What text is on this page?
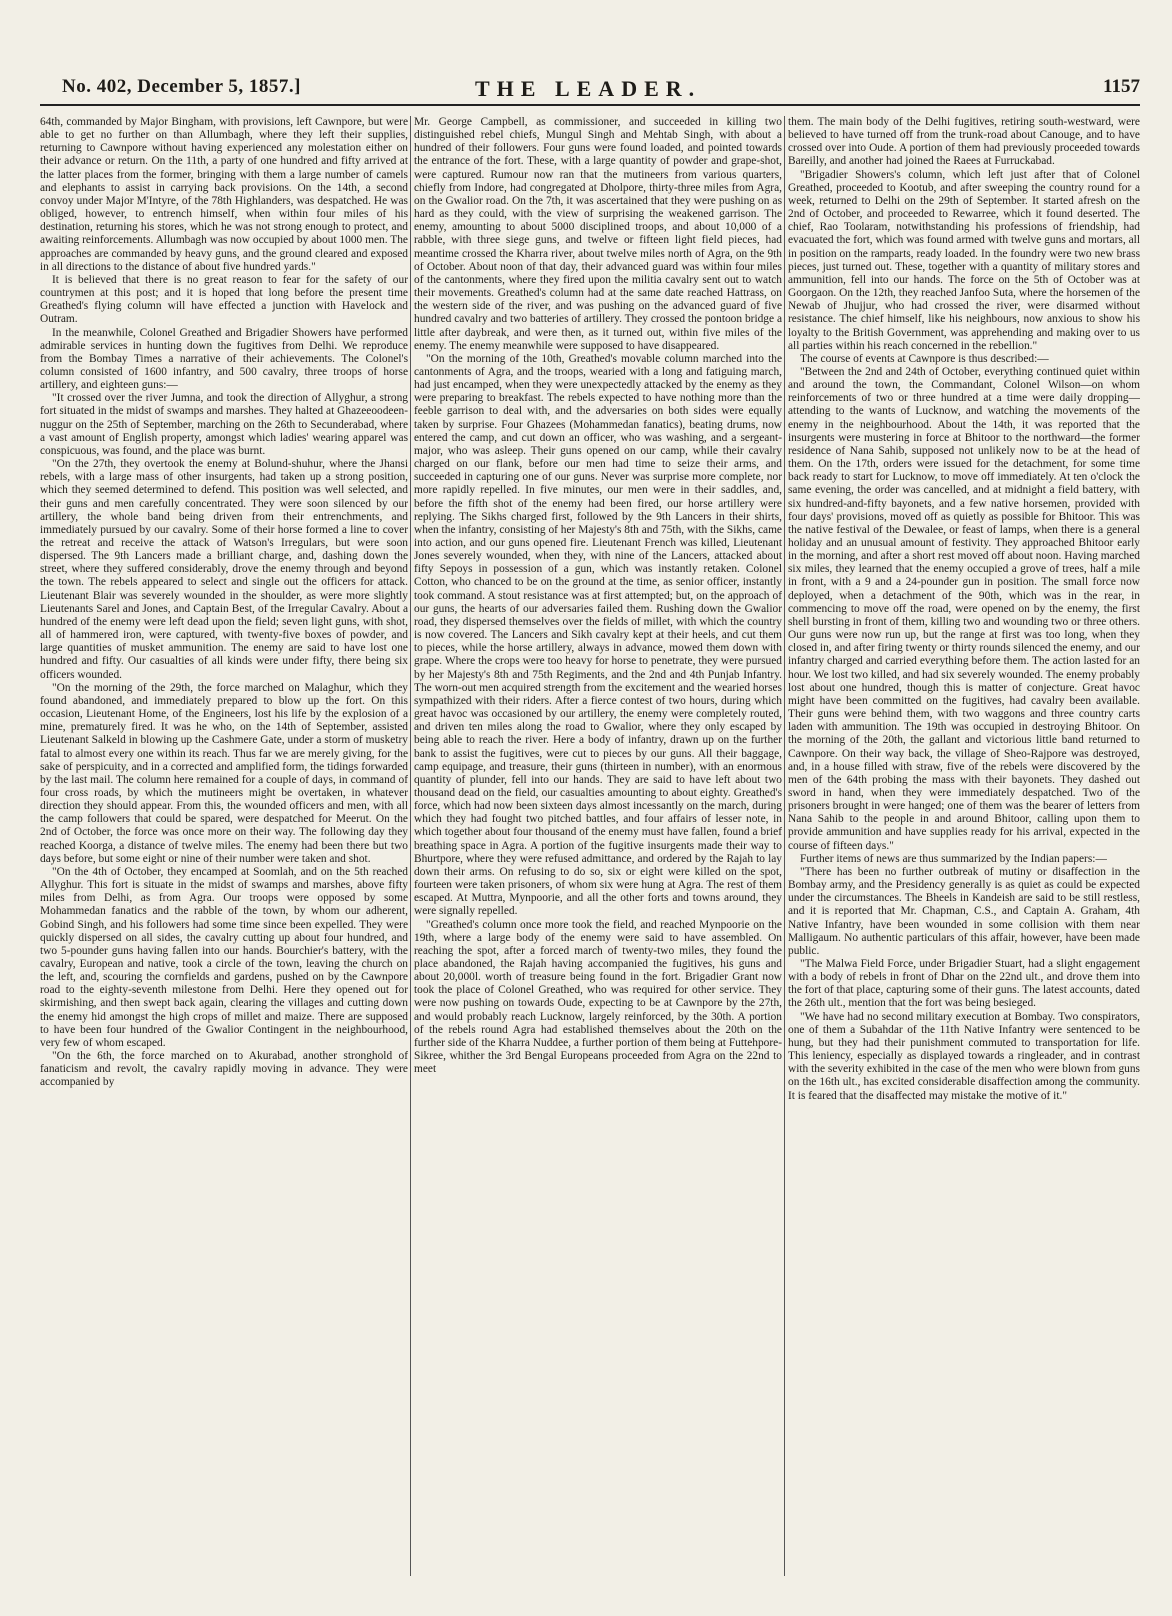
No. 402, December 5, 1857.]	THE LEADER.	1157

64th, commanded by Major Bingham, with provisions, left Cawnpore, but were able to get no further on than Allumbagh, where they left their supplies, returning to Cawnpore without having experienced any molestation either on their advance or return. On the 11th, a party of one hundred and fifty arrived at the latter places from the former, bringing with them a large number of camels and elephants to assist in carrying back provisions. On the 14th, a second convoy under Major M'Intyre, of the 78th Highlanders, was despatched. He was obliged, however, to entrench himself, when within four miles of his destination, returning his stores, which he was not strong enough to protect, and awaiting reinforcements. Allumbagh was now occupied by about 1000 men. The approaches are commanded by heavy guns, and the ground cleared and exposed in all directions to the distance of about five hundred yards."

It is believed that there is no great reason to fear for the safety of our countrymen at this post; and it is hoped that long before the present time Greathed's flying column will have effected a junction with Havelock and Outram.

In the meanwhile, Colonel Greathed and Brigadier Showers have performed admirable services in hunting down the fugitives from Delhi. We reproduce from the Bombay Times a narrative of their achievements. The Colonel's column consisted of 1600 infantry, and 500 cavalry, three troops of horse artillery, and eighteen guns:—

"It crossed over the river Jumna, and took the direction of Allyghur, a strong fort situated in the midst of swamps and marshes. They halted at Ghazeeoodeen-nuggur on the 25th of September, marching on the 26th to Secunderabad, where a vast amount of English property, amongst which ladies' wearing apparel was conspicuous, was found, and the place was burnt.

"On the 27th, they overtook the enemy at Bolund-shuhur, where the Jhansi rebels, with a large mass of other insurgents, had taken up a strong position, which they seemed determined to defend. This position was well selected, and their guns and men carefully concentrated. They were soon silenced by our artillery, the whole band being driven from their entrenchments, and immediately pursued by our cavalry. Some of their horse formed a line to cover the retreat and receive the attack of Watson's Irregulars, but were soon dispersed. The 9th Lancers made a brilliant charge, and, dashing down the street, where they suffered considerably, drove the enemy through and beyond the town. The rebels appeared to select and single out the officers for attack. Lieutenant Blair was severely wounded in the shoulder, as were more slightly Lieutenants Sarel and Jones, and Captain Best, of the Irregular Cavalry. About a hundred of the enemy were left dead upon the field; seven light guns, with shot, all of hammered iron, were captured, with twenty-five boxes of powder, and large quantities of musket ammunition. The enemy are said to have lost one hundred and fifty. Our casualties of all kinds were under fifty, there being six officers wounded.

"On the morning of the 29th, the force marched on Malaghur, which they found abandoned, and immediately prepared to blow up the fort. On this occasion, Lieutenant Home, of the Engineers, lost his life by the explosion of a mine, prematurely fired. It was he who, on the 14th of September, assisted Lieutenant Salkeld in blowing up the Cashmere Gate, under a storm of musketry fatal to almost every one within its reach. Thus far we are merely giving, for the sake of perspicuity, and in a corrected and amplified form, the tidings forwarded by the last mail. The column here remained for a couple of days, in command of four cross roads, by which the mutineers might be overtaken, in whatever direction they should appear. From this, the wounded officers and men, with all the camp followers that could be spared, were despatched for Meerut. On the 2nd of October, the force was once more on their way. The following day they reached Koorga, a distance of twelve miles. The enemy had been there but two days before, but some eight or nine of their number were taken and shot.

"On the 4th of October, they encamped at Soomlah, and on the 5th reached Allyghur. This fort is situate in the midst of swamps and marshes, above fifty miles from Delhi, as from Agra. Our troops were opposed by some Mohammedan fanatics and the rabble of the town, by whom our adherent, Gobind Singh, and his followers had some time since been expelled. They were quickly dispersed on all sides, the cavalry cutting up about four hundred, and two 5-pounder guns having fallen into our hands. Bourchier's battery, with the cavalry, European and native, took a circle of the town, leaving the church on the left, and, scouring the cornfields and gardens, pushed on by the Cawnpore road to the eighty-seventh milestone from Delhi. Here they opened out for skirmishing, and then swept back again, clearing the villages and cutting down the enemy hid amongst the high crops of millet and maize. There are supposed to have been four hundred of the Gwalior Contingent in the neighbourhood, very few of whom escaped.

"On the 6th, the force marched on to Akurabad, another stronghold of fanaticism and revolt, the cavalry rapidly moving in advance. They were accompanied by

Mr. George Campbell, as commissioner, and succeeded in killing two distinguished rebel chiefs, Mungul Singh and Mehtab Singh, with about a hundred of their followers. Four guns were found loaded, and pointed towards the entrance of the fort. These, with a large quantity of powder and grape-shot, were captured. Rumour now ran that the mutineers from various quarters, chiefly from Indore, had congregated at Dholpore, thirty-three miles from Agra, on the Gwalior road. On the 7th, it was ascertained that they were pushing on as hard as they could, with the view of surprising the weakened garrison. The enemy, amounting to about 5000 disciplined troops, and about 10,000 of a rabble, with three siege guns, and twelve or fifteen light field pieces, had meantime crossed the Kharra river, about twelve miles north of Agra, on the 9th of October. About noon of that day, their advanced guard was within four miles of the cantonments, where they fired upon the militia cavalry sent out to watch their movements. Greathed's column had at the same date reached Hattrass, on the western side of the river, and was pushing on the advanced guard of five hundred cavalry and two batteries of artillery. They crossed the pontoon bridge a little after daybreak, and were then, as it turned out, within five miles of the enemy. The enemy meanwhile were supposed to have disappeared.

"On the morning of the 10th, Greathed's movable column marched into the cantonments of Agra, and the troops, wearied with a long and fatiguing march, had just encamped, when they were unexpectedly attacked by the enemy as they were preparing to breakfast. The rebels expected to have nothing more than the feeble garrison to deal with, and the adversaries on both sides were equally taken by surprise. Four Ghazees (Mohammedan fanatics), beating drums, now entered the camp, and cut down an officer, who was washing, and a sergeant-major, who was asleep. Their guns opened on our camp, while their cavalry charged on our flank, before our men had time to seize their arms, and succeeded in capturing one of our guns. Never was surprise more complete, nor more rapidly repelled. In five minutes, our men were in their saddles, and, before the fifth shot of the enemy had been fired, our horse artillery were replying. The Sikhs charged first, followed by the 9th Lancers in their shirts, when the infantry, consisting of her Majesty's 8th and 75th, with the Sikhs, came into action, and our guns opened fire. Lieutenant French was killed, Lieutenant Jones severely wounded, when they, with nine of the Lancers, attacked about fifty Sepoys in possession of a gun, which was instantly retaken. Colonel Cotton, who chanced to be on the ground at the time, as senior officer, instantly took command. A stout resistance was at first attempted; but, on the approach of our guns, the hearts of our adversaries failed them. Rushing down the Gwalior road, they dispersed themselves over the fields of millet, with which the country is now covered. The Lancers and Sikh cavalry kept at their heels, and cut them to pieces, while the horse artillery, always in advance, mowed them down with grape. Where the crops were too heavy for horse to penetrate, they were pursued by her Majesty's 8th and 75th Regiments, and the 2nd and 4th Punjab Infantry. The worn-out men acquired strength from the excitement and the wearied horses sympathized with their riders. After a fierce contest of two hours, during which great havoc was occasioned by our artillery, the enemy were completely routed, and driven ten miles along the road to Gwalior, where they only escaped by being able to reach the river. Here a body of infantry, drawn up on the further bank to assist the fugitives, were cut to pieces by our guns. All their baggage, camp equipage, and treasure, their guns (thirteen in number), with an enormous quantity of plunder, fell into our hands. They are said to have left about two thousand dead on the field, our casualties amounting to about eighty. Greathed's force, which had now been sixteen days almost incessantly on the march, during which they had fought two pitched battles, and four affairs of lesser note, in which together about four thousand of the enemy must have fallen, found a brief breathing space in Agra. A portion of the fugitive insurgents made their way to Bhurtpore, where they were refused admittance, and ordered by the Rajah to lay down their arms. On refusing to do so, six or eight were killed on the spot, fourteen were taken prisoners, of whom six were hung at Agra. The rest of them escaped. At Muttra, Mynpoorie, and all the other forts and towns around, they were signally repelled.

"Greathed's column once more took the field, and reached Mynpoorie on the 19th, where a large body of the enemy were said to have assembled. On reaching the spot, after a forced march of twenty-two miles, they found the place abandoned, the Rajah having accompanied the fugitives, his guns and about 20,000l. worth of treasure being found in the fort. Brigadier Grant now took the place of Colonel Greathed, who was required for other service. They were now pushing on towards Oude, expecting to be at Cawnpore by the 27th, and would probably reach Lucknow, largely reinforced, by the 30th. A portion of the rebels round Agra had established themselves about the 20th on the further side of the Kharra Nuddee, a further portion of them being at Futtehpore-Sikree, whither the 3rd Bengal Europeans proceeded from Agra on the 22nd to meet

them. The main body of the Delhi fugitives, retiring south-westward, were believed to have turned off from the trunk-road about Canouge, and to have crossed over into Oude. A portion of them had previously proceeded towards Bareilly, and another had joined the Raees at Furruckabad.

"Brigadier Showers's column, which left just after that of Colonel Greathed, proceeded to Kootub, and after sweeping the country round for a week, returned to Delhi on the 29th of September. It started afresh on the 2nd of October, and proceeded to Rewarree, which it found deserted. The chief, Rao Toolaram, notwithstanding his professions of friendship, had evacuated the fort, which was found armed with twelve guns and mortars, all in position on the ramparts, ready loaded. In the foundry were two new brass pieces, just turned out. These, together with a quantity of military stores and ammunition, fell into our hands. The force on the 5th of October was at Goorgaon. On the 12th, they reached Janfoo Suta, where the horsemen of the Newab of Jhujjur, who had crossed the river, were disarmed without resistance. The chief himself, like his neighbours, now anxious to show his loyalty to the British Government, was apprehending and making over to us all parties within his reach concerned in the rebellion."

The course of events at Cawnpore is thus described:—

"Between the 2nd and 24th of October, everything continued quiet within and around the town, the Commandant, Colonel Wilson—on whom reinforcements of two or three hundred at a time were daily dropping—attending to the wants of Lucknow, and watching the movements of the enemy in the neighbourhood. About the 14th, it was reported that the insurgents were mustering in force at Bhitoor to the northward—the former residence of Nana Sahib, supposed not unlikely now to be at the head of them. On the 17th, orders were issued for the detachment, for some time back ready to start for Lucknow, to move off immediately. At ten o'clock the same evening, the order was cancelled, and at midnight a field battery, with six hundred-and-fifty bayonets, and a few native horsemen, provided with four days' provisions, moved off as quietly as possible for Bhitoor. This was the native festival of the Dewalee, or feast of lamps, when there is a general holiday and an unusual amount of festivity. They approached Bhitoor early in the morning, and after a short rest moved off about noon. Having marched six miles, they learned that the enemy occupied a grove of trees, half a mile in front, with a 9 and a 24-pounder gun in position. The small force now deployed, when a detachment of the 90th, which was in the rear, in commencing to move off the road, were opened on by the enemy, the first shell bursting in front of them, killing two and wounding two or three others. Our guns were now run up, but the range at first was too long, when they closed in, and after firing twenty or thirty rounds silenced the enemy, and our infantry charged and carried everything before them. The action lasted for an hour. We lost two killed, and had six severely wounded. The enemy probably lost about one hundred, though this is matter of conjecture. Great havoc might have been committed on the fugitives, had cavalry been available. Their guns were behind them, with two waggons and three country carts laden with ammunition. The 19th was occupied in destroying Bhitoor. On the morning of the 20th, the gallant and victorious little band returned to Cawnpore. On their way back, the village of Sheo-Rajpore was destroyed, and, in a house filled with straw, five of the rebels were discovered by the men of the 64th probing the mass with their bayonets. They dashed out sword in hand, when they were immediately despatched. Two of the prisoners brought in were hanged; one of them was the bearer of letters from Nana Sahib to the people in and around Bhitoor, calling upon them to provide ammunition and have supplies ready for his arrival, expected in the course of fifteen days."

Further items of news are thus summarized by the Indian papers:—

"There has been no further outbreak of mutiny or disaffection in the Bombay army, and the Presidency generally is as quiet as could be expected under the circumstances. The Bheels in Kandeish are said to be still restless, and it is reported that Mr. Chapman, C.S., and Captain A. Graham, 4th Native Infantry, have been wounded in some collision with them near Malligaum. No authentic particulars of this affair, however, have been made public.

"The Malwa Field Force, under Brigadier Stuart, had a slight engagement with a body of rebels in front of Dhar on the 22nd ult., and drove them into the fort of that place, capturing some of their guns. The latest accounts, dated the 26th ult., mention that the fort was being besieged.

"We have had no second military execution at Bombay. Two conspirators, one of them a Subahdar of the 11th Native Infantry were sentenced to be hung, but they had their punishment commuted to transportation for life. This leniency, especially as displayed towards a ringleader, and in contrast with the severity exhibited in the case of the men who were blown from guns on the 16th ult., has excited considerable disaffection among the community. It is feared that the disaffected may mistake the motive of it."
